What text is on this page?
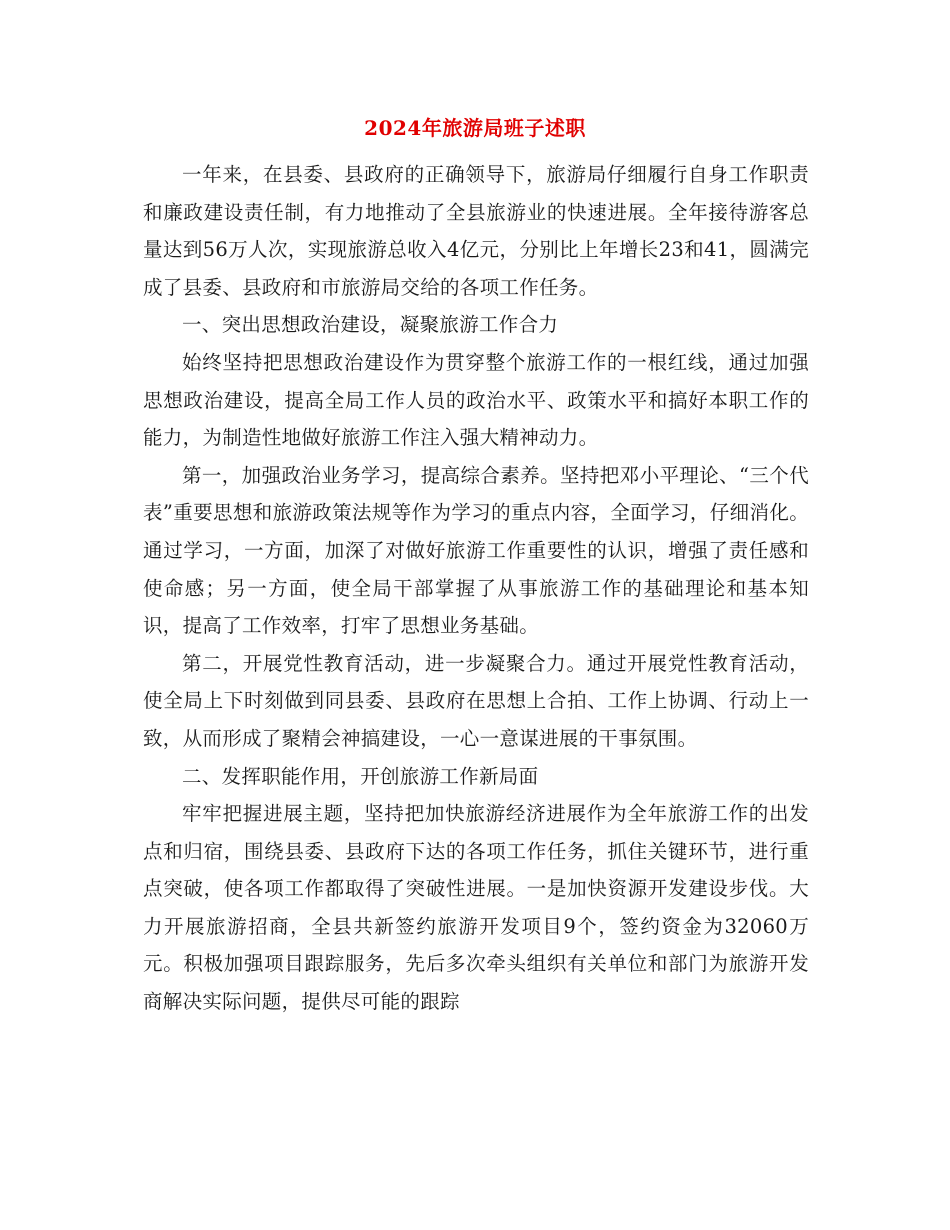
2024年旅游局班子述职

一年来，在县委、县政府的正确领导下，旅游局仔细履行自身工作职责和廉政建设责任制，有力地推动了全县旅游业的快速进展。全年接待游客总量达到56万人次，实现旅游总收入4亿元，分别比上年增长23和41，圆满完成了县委、县政府和市旅游局交给的各项工作任务。

一、突出思想政治建设，凝聚旅游工作合力

始终坚持把思想政治建设作为贯穿整个旅游工作的一根红线，通过加强思想政治建设，提高全局工作人员的政治水平、政策水平和搞好本职工作的能力，为制造性地做好旅游工作注入强大精神动力。

第一，加强政治业务学习，提高综合素养。坚持把邓小平理论、“三个代表”重要思想和旅游政策法规等作为学习的重点内容，全面学习，仔细消化。通过学习，一方面，加深了对做好旅游工作重要性的认识，增强了责任感和使命感；另一方面，使全局干部掌握了从事旅游工作的基础理论和基本知识，提高了工作效率，打牢了思想业务基础。

第二，开展党性教育活动，进一步凝聚合力。通过开展党性教育活动，使全局上下时刻做到同县委、县政府在思想上合拍、工作上协调、行动上一致，从而形成了聚精会神搞建设，一心一意谋进展的干事氛围。

二、发挥职能作用，开创旅游工作新局面

牢牢把握进展主题，坚持把加快旅游经济进展作为全年旅游工作的出发点和归宿，围绕县委、县政府下达的各项工作任务，抓住关键环节，进行重点突破，使各项工作都取得了突破性进展。一是加快资源开发建设步伐。大力开展旅游招商，全县共新签约旅游开发项目9个，签约资金为32060万元。积极加强项目跟踪服务，先后多次牵头组织有关单位和部门为旅游开发商解决实际问题，提供尽可能的跟踪
